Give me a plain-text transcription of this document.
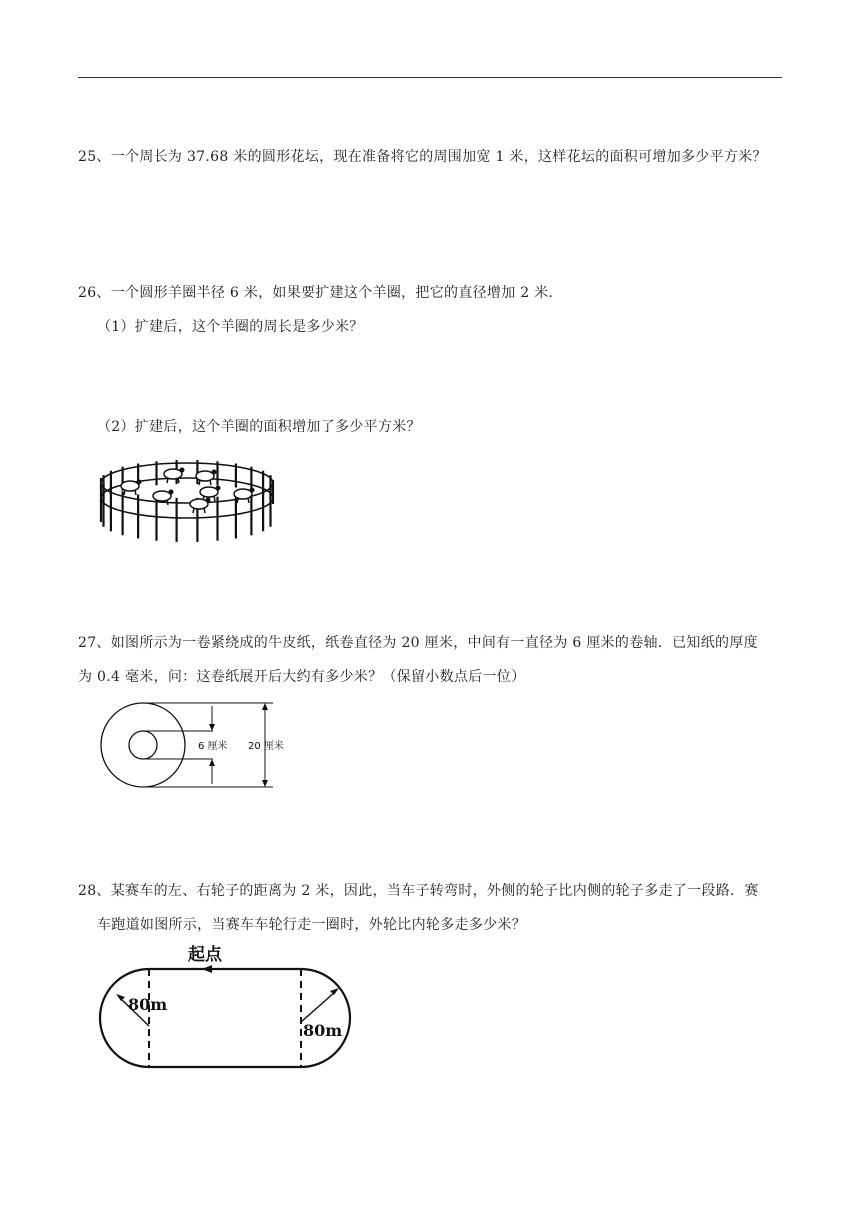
25、一个周长为 37.68 米的圆形花坛，现在准备将它的周围加宽 1 米，这样花坛的面积可增加多少平方米？
26、一个圆形羊圈半径 6 米，如果要扩建这个羊圈，把它的直径增加 2 米.
（1）扩建后，这个羊圈的周长是多少米？
（2）扩建后，这个羊圈的面积增加了多少平方米？
27、如图所示为一卷紧绕成的牛皮纸，纸卷直径为 20 厘米，中间有一直径为 6 厘米的卷轴．已知纸的厚度
为 0.4 毫米，问：这卷纸展开后大约有多少米？（保留小数点后一位）
6 厘米 20 厘米
28、某赛车的左、右轮子的距离为 2 米，因此，当车子转弯时，外侧的轮子比内侧的轮子多走了一段路．赛
车跑道如图所示，当赛车车轮行走一圈时，外轮比内轮多走多少米？
起点
80m
80m
